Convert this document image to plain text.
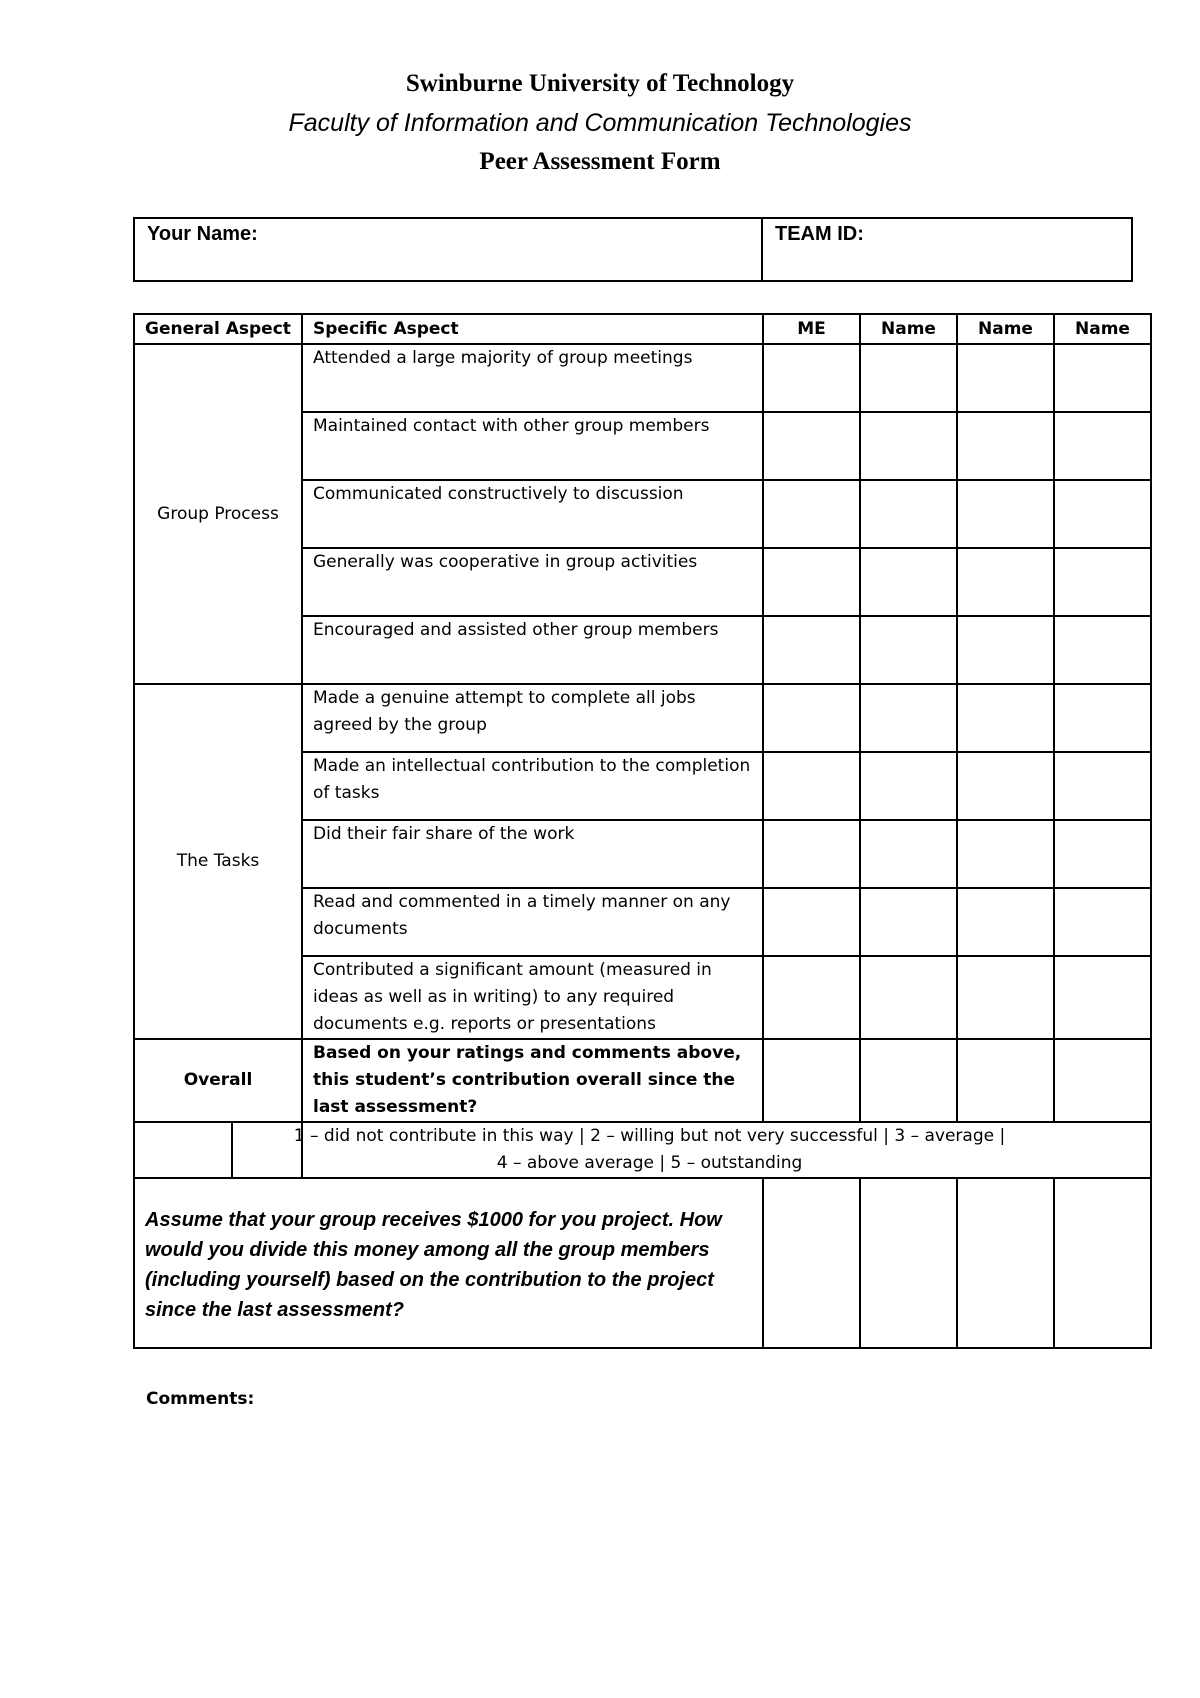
Swinburne University of Technology
Faculty of Information and Communication Technologies
Peer Assessment Form
Your Name:	TEAM ID:
General Aspect	Specific Aspect	ME	Name	Name	Name
Group Process	Attended a large majority of group meetings				
Maintained contact with other group members				
Communicated constructively to discussion				
Generally was cooperative in group activities				
Encouraged and assisted other group members				
The Tasks	Made a genuine attempt to complete all jobs agreed by the group				
Made an intellectual contribution to the completion of tasks				
Did their fair share of the work				
Read and commented in a timely manner on any documents				
Contributed a significant amount (measured in ideas as well as in writing) to any required documents e.g. reports or presentations				
Overall	Based on your ratings and comments above, this student’s contribution overall since the last assessment?				

1 – did not contribute in this way | 2 – willing but not very successful | 3 – average |
4 – above average | 5 – outstanding

Assume that your group receives $1000 for you project. How would you divide this money among all the group members (including yourself) based on the contribution to the project since the last assessment?				
Comments:
